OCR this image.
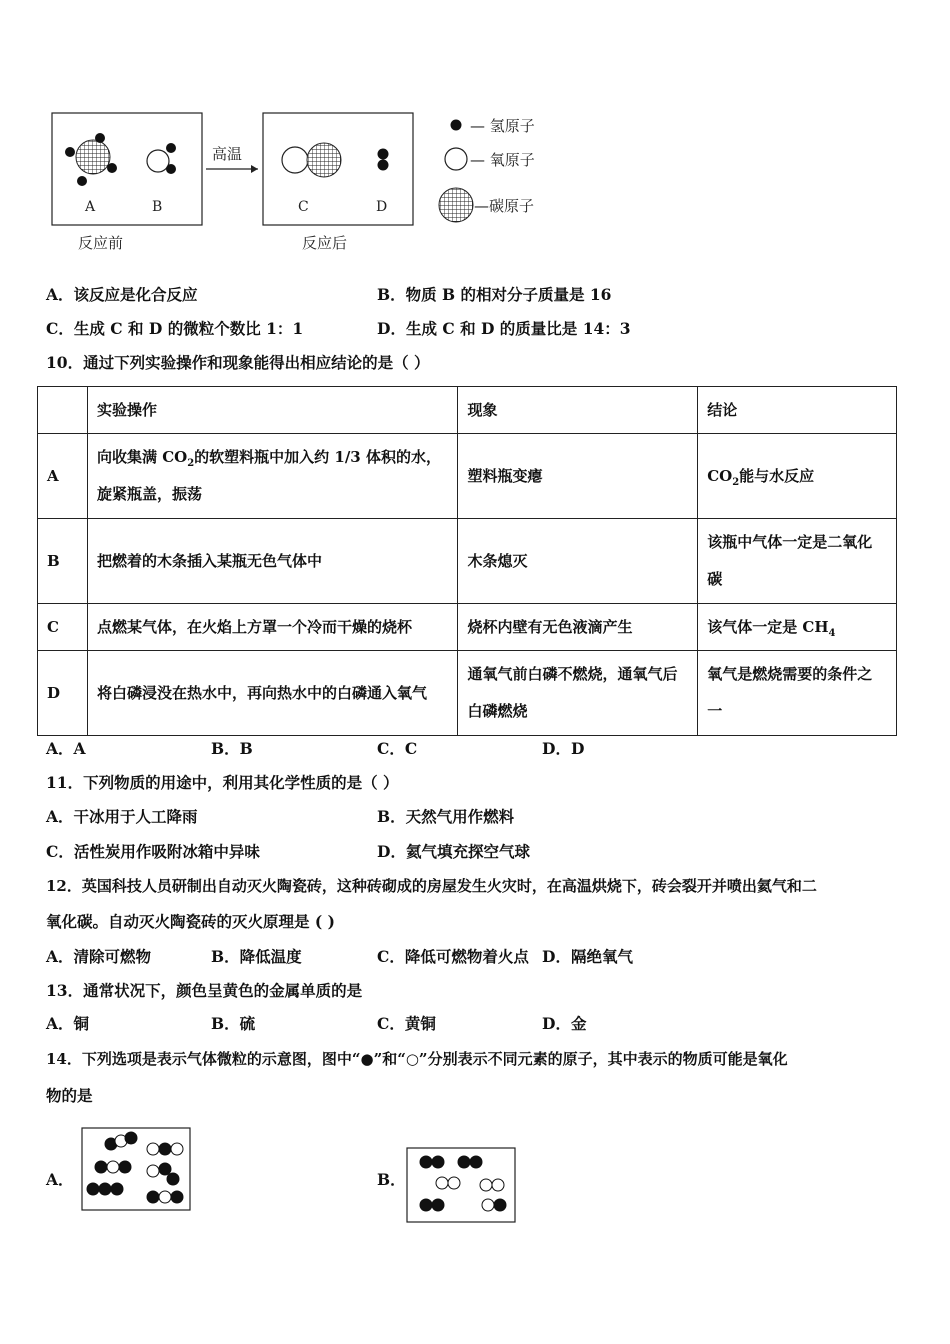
A	B
反应前
高温
C	D
反应后
— 氢原子
— 氧原子
—碳原子
A．该反应是化合反应	B．物质 B 的相对分子质量是 16
C．生成 C 和 D 的微粒个数比 1：1	D．生成 C 和 D 的质量比是 14：3
10．通过下列实验操作和现象能得出相应结论的是（ ）
	实验操作	现象	结论
A	向收集满 $CO_2$的软塑料瓶中加入约 1/3 体积的水，旋紧瓶盖，振荡	塑料瓶变瘪	$CO_2$能与水反应
B	把燃着的木条插入某瓶无色气体中	木条熄灭	该瓶中气体一定是二氧化碳
C	点燃某气体，在火焰上方罩一个冷而干燥的烧杯	烧杯内壁有无色液滴产生	该气体一定是 $CH_4$
D	将白磷浸没在热水中，再向热水中的白磷通入氧气	通氧气前白磷不燃烧，通氧气后白磷燃烧	氧气是燃烧需要的条件之一
A．A	B．B	C．C	D．D
11．下列物质的用途中，利用其化学性质的是（ ）
A．干冰用于人工降雨	B．天然气用作燃料
C．活性炭用作吸附冰箱中异味	D．氦气填充探空气球
12．英国科技人员研制出自动灭火陶瓷砖，这种砖砌成的房屋发生火灾时，在高温烘烧下，砖会裂开并喷出氦气和二
氧化碳。自动灭火陶瓷砖的灭火原理是 ( )
A．清除可燃物	B．降低温度	C．降低可燃物着火点 D．隔绝氧气
13．通常状况下，颜色呈黄色的金属单质的是
A．铜	B．硫	C．黄铜	D．金
14．下列选项是表示气体微粒的示意图，图中“●”和“○”分别表示不同元素的原子，其中表示的物质可能是氧化
物的是
A．	B．
